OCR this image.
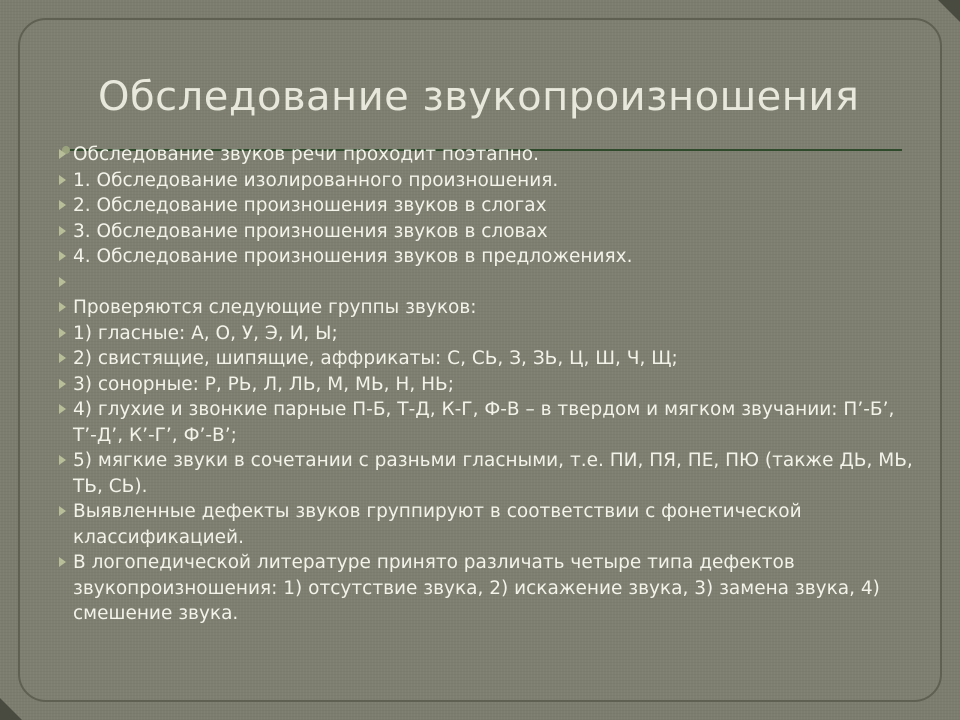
Обследование звукопроизношения
Обследование звуков речи проходит поэтапно.
1. Обследование изолированного произношения.
2. Обследование произношения звуков в слогах
3. Обследование произношения звуков в словах
4. Обследование произношения звуков в предложениях.
Проверяются следующие группы звуков:
1) гласные: А, О, У, Э, И, Ы;
2) свистящие, шипящие, аффрикаты: С, СЬ, З, ЗЬ, Ц, Ш, Ч, Щ;
3) сонорные: Р, РЬ, Л, ЛЬ, М, МЬ, Н, НЬ;
4) глухие и звонкие парные П-Б, Т-Д, К-Г, Ф-В – в твердом и мягком звучании: П’-Б’, Т’-Д’, К’-Г’, Ф’-В’;
5) мягкие звуки в сочетании с разньми гласными, т.е. ПИ, ПЯ, ПЕ, ПЮ (также ДЬ, МЬ, ТЬ, СЬ).
Выявленные дефекты звуков группируют в соответствии с фонетической классификацией.
В логопедической литературе принято различать четыре типа дефектов звукопроизношения: 1) отсутствие звука, 2) искажение звука, 3) замена звука, 4) смешение звука.
